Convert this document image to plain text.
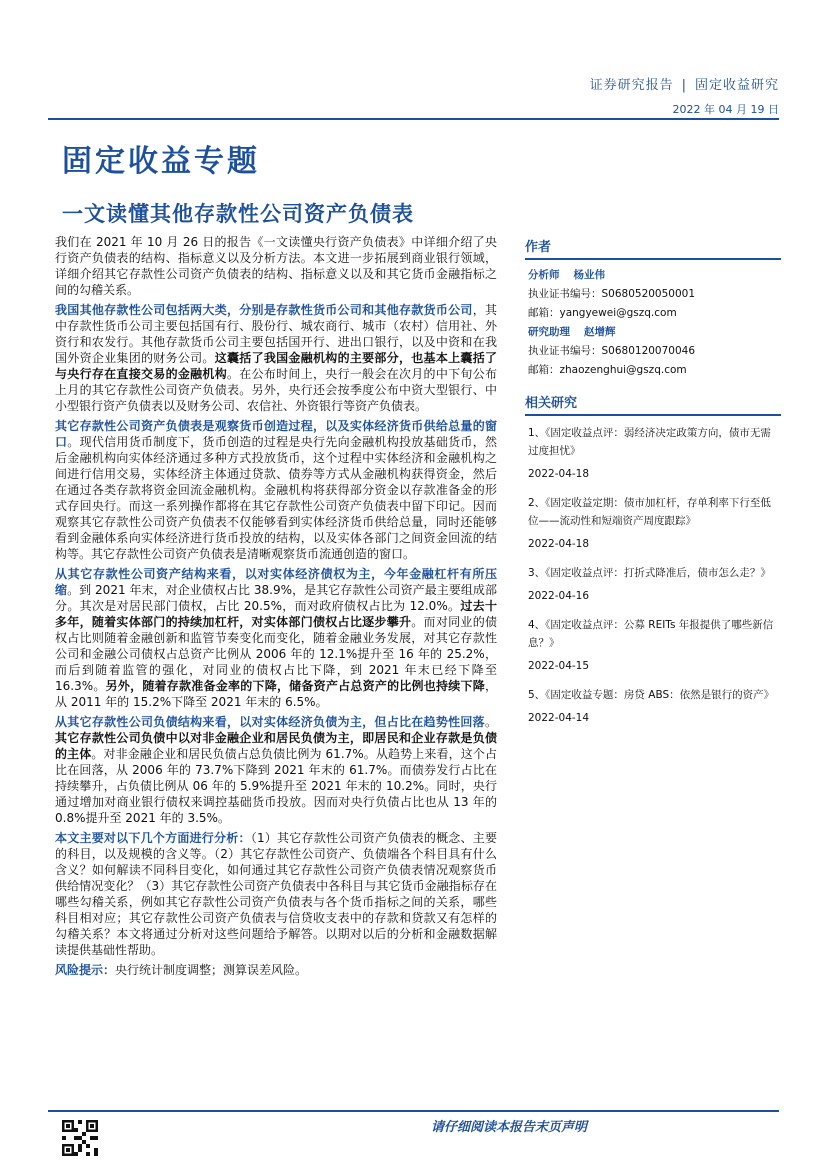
证券研究报告 | 固定收益研究
2022 年 04 月 19 日
固定收益专题
一文读懂其他存款性公司资产负债表

我们在 2021 年 10 月 26 日的报告《一文读懂央行资产负债表》中详细介绍了央行资产负债表的结构、指标意义以及分析方法。本文进一步拓展到商业银行领域，详细介绍其它存款性公司资产负债表的结构、指标意义以及和其它货币金融指标之间的勾稽关系。

我国其他存款性公司包括两大类，分别是存款性货币公司和其他存款货币公司，其中存款性货币公司主要包括国有行、股份行、城农商行、城市（农村）信用社、外资行和农发行。其他存款货币公司主要包括国开行、进出口银行，以及中资和在我国外资企业集团的财务公司。这囊括了我国金融机构的主要部分，也基本上囊括了与央行存在直接交易的金融机构。在公布时间上，央行一般会在次月的中下旬公布上月的其它存款性公司资产负债表。另外，央行还会按季度公布中资大型银行、中小型银行资产负债表以及财务公司、农信社、外资银行等资产负债表。

其它存款性公司资产负债表是观察货币创造过程，以及实体经济货币供给总量的窗口。现代信用货币制度下，货币创造的过程是央行先向金融机构投放基础货币，然后金融机构向实体经济通过多种方式投放货币，这个过程中实体经济和金融机构之间进行信用交易，实体经济主体通过贷款、债券等方式从金融机构获得资金，然后在通过各类存款将资金回流金融机构。金融机构将获得部分资金以存款准备金的形式存回央行。而这一系列操作都将在其它存款性公司资产负债表中留下印记。因而观察其它存款性公司资产负债表不仅能够看到实体经济货币供给总量，同时还能够看到金融体系向实体经济进行货币投放的结构，以及实体各部门之间资金回流的结构等。其它存款性公司资产负债表是清晰观察货币流通创造的窗口。

从其它存款性公司资产结构来看，以对实体经济债权为主，今年金融杠杆有所压缩。到 2021 年末，对企业债权占比 38.9%，是其它存款性公司资产最主要组成部分。其次是对居民部门债权，占比 20.5%，而对政府债权占比为 12.0%。过去十多年，随着实体部门的持续加杠杆，对实体部门债权占比逐步攀升。而对同业的债权占比则随着金融创新和监管节奏变化而变化，随着金融业务发展，对其它存款性公司和金融公司债权占总资产比例从 2006 年的 12.1%提升至 16 年的 25.2%，而后到随着监管的强化，对同业的债权占比下降，到 2021 年末已经下降至 16.3%。另外，随着存款准备金率的下降，储备资产占总资产的比例也持续下降，从 2011 年的 15.2%下降至 2021 年末的 6.5%。

从其它存款性公司负债结构来看，以对实体经济负债为主，但占比在趋势性回落。其它存款性公司负债中以对非金融企业和居民负债为主，即居民和企业存款是负债的主体。对非金融企业和居民负债占总负债比例为 61.7%。从趋势上来看，这个占比在回落，从 2006 年的 73.7%下降到 2021 年末的 61.7%。而债券发行占比在持续攀升，占负债比例从 06 年的 5.9%提升至 2021 年末的 10.2%。同时，央行通过增加对商业银行债权来调控基础货币投放。因而对央行负债占比也从 13 年的 0.8%提升至 2021 年的 3.5%。

本文主要对以下几个方面进行分析：（1）其它存款性公司资产负债表的概念、主要的科目，以及规模的含义等。（2）其它存款性公司资产、负债端各个科目具有什么含义？如何解读不同科目变化，如何通过其它存款性公司资产负债表情况观察货币供给情况变化？（3）其它存款性公司资产负债表中各科目与其它货币金融指标存在哪些勾稽关系，例如其它存款性公司资产负债表与各个货币指标之间的关系，哪些科目相对应；其它存款性公司资产负债表与信贷收支表中的存款和贷款又有怎样的勾稽关系？本文将通过分析对这些问题给予解答。以期对以后的分析和金融数据解读提供基础性帮助。

风险提示：央行统计制度调整；测算误差风险。

作者
分析师 杨业伟
执业证书编号：S0680520050001
邮箱：yangyewei@gszq.com
研究助理 赵增辉
执业证书编号：S0680120070046
邮箱：zhaozenghui@gszq.com
相关研究
1、《固定收益点评：弱经济决定政策方向，债市无需过度担忧》
2022-04-18
2、《固定收益定期：债市加杠杆，存单利率下行至低位——流动性和短端资产周度跟踪》
2022-04-18
3、《固定收益点评：打折式降准后，债市怎么走？》
2022-04-16
4、《固定收益点评：公募 REITs 年报提供了哪些新信息？》
2022-04-15
5、《固定收益专题：房贷 ABS：依然是银行的资产》
2022-04-14
请仔细阅读本报告末页声明
